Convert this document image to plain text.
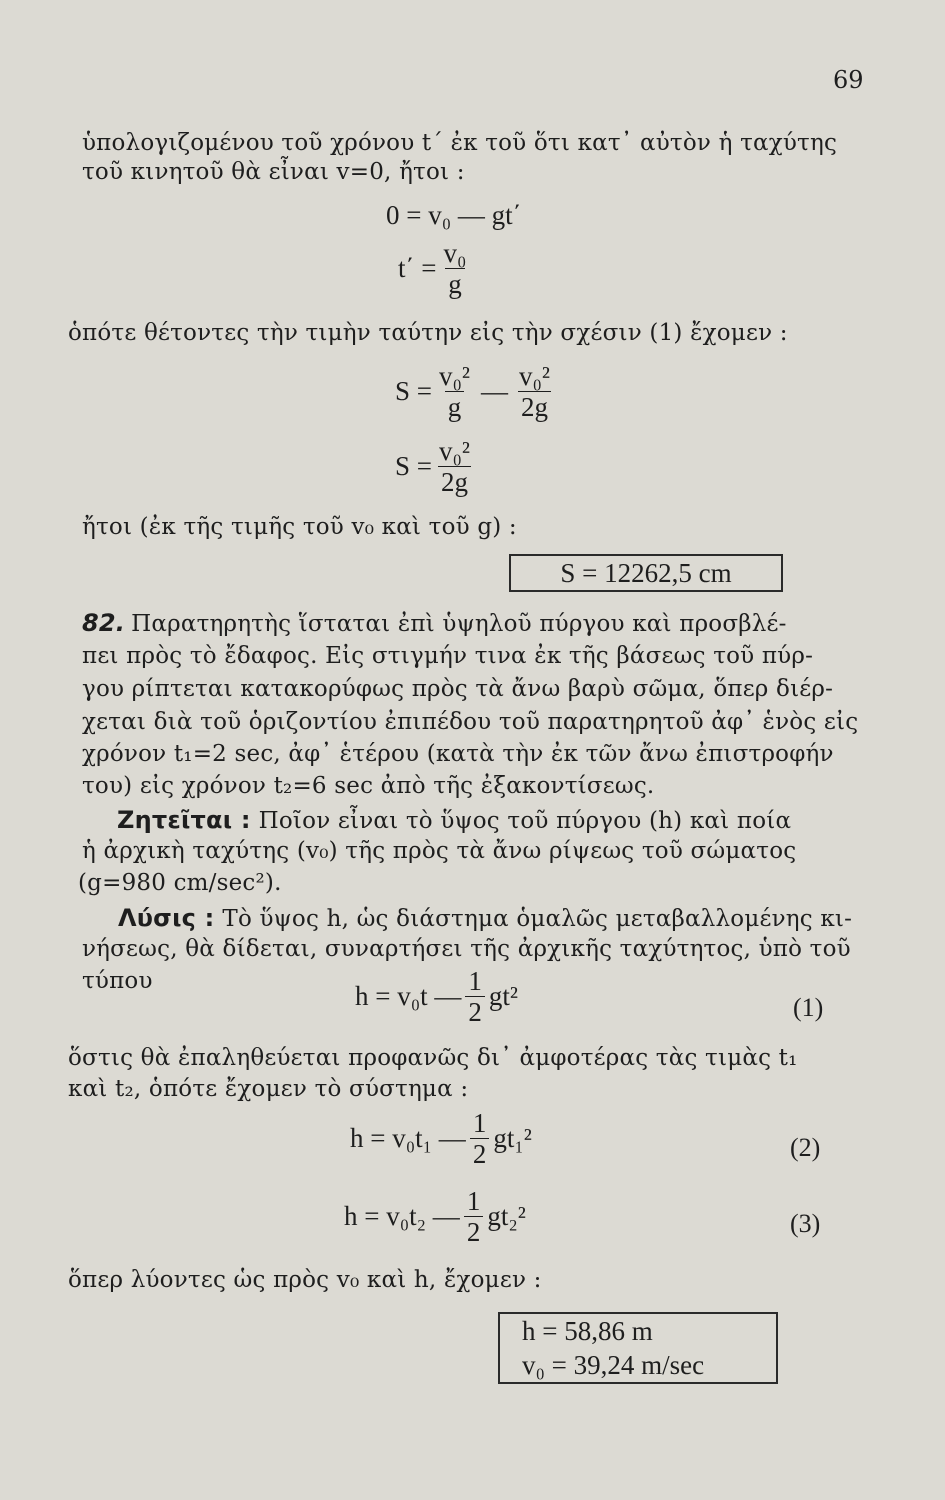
69
ὑπολογιζομένου τοῦ χρόνου t΄ ἐκ τοῦ ὅτι κατ᾽ αὐτὸν ἡ ταχύτης
τοῦ κινητοῦ θὰ εἶναι v=0, ἤτοι :
0 = v₀ — gt΄
$t΄ = \frac{\text{v₀}}{g}$
ὁπότε θέτοντες τὴν τιμὴν ταύτην εἰς τὴν σχέσιν (1) ἔχομεν :
$S = \frac{\text{v₀²}}{g}$ — $\frac{\text{v₀²}}{2g}$
$S = \frac{\text{v₀²}}{2g}$
ἤτοι (ἐκ τῆς τιμῆς τοῦ v₀ καὶ τοῦ g) :
S = 12262,5 cm
82. Παρατηρητὴς ἵσταται ἐπὶ ὑψηλοῦ πύργου καὶ προσβλέ-
πει πρὸς τὸ ἔδαφος. Εἰς στιγμήν τινα ἐκ τῆς βάσεως τοῦ πύρ-
γου ρίπτεται κατακορύφως πρὸς τὰ ἄνω βαρὺ σῶμα, ὅπερ διέρ-
χεται διὰ τοῦ ὁριζοντίου ἐπιπέδου τοῦ παρατηρητοῦ ἀφ᾽ ἑνὸς εἰς
χρόνον t₁=2 sec, ἀφ᾽ ἑτέρου (κατὰ τὴν ἐκ τῶν ἄνω ἐπιστροφήν
του) εἰς χρόνον t₂=6 sec ἀπὸ τῆς ἐξακοντίσεως.
Ζητεῖται : Ποῖον εἶναι τὸ ὕψος τοῦ πύργου (h) καὶ ποία
ἡ ἀρχικὴ ταχύτης (v₀) τῆς πρὸς τὰ ἄνω ρίψεως τοῦ σώματος
(g=980 cm/sec²).
Λύσις : Τὸ ὕψος h, ὡς διάστημα ὁμαλῶς μεταβαλλομένης κι-
νήσεως, θὰ δίδεται, συναρτήσει τῆς ἀρχικῆς ταχύτητος, ὑπὸ τοῦ
τύπου	h = v₀t — $\frac{1}{2} gt^2$	(1)
ὅστις θὰ ἐπαληθεύεται προφανῶς δι᾽ ἀμφοτέρας τὰς τιμὰς t₁
καὶ t₂, ὁπότε ἔχομεν τὸ σύστημα :
h = v₀t₁ — $\frac{1}{2} gt_1^2$	(2)
h = v₀t₂ — $\frac{1}{2} gt_2^2$	(3)
ὅπερ λύοντες ὡς πρὸς v₀ καὶ h, ἔχομεν :
h = 58,86 m
v₀ = 39,24 m/sec
